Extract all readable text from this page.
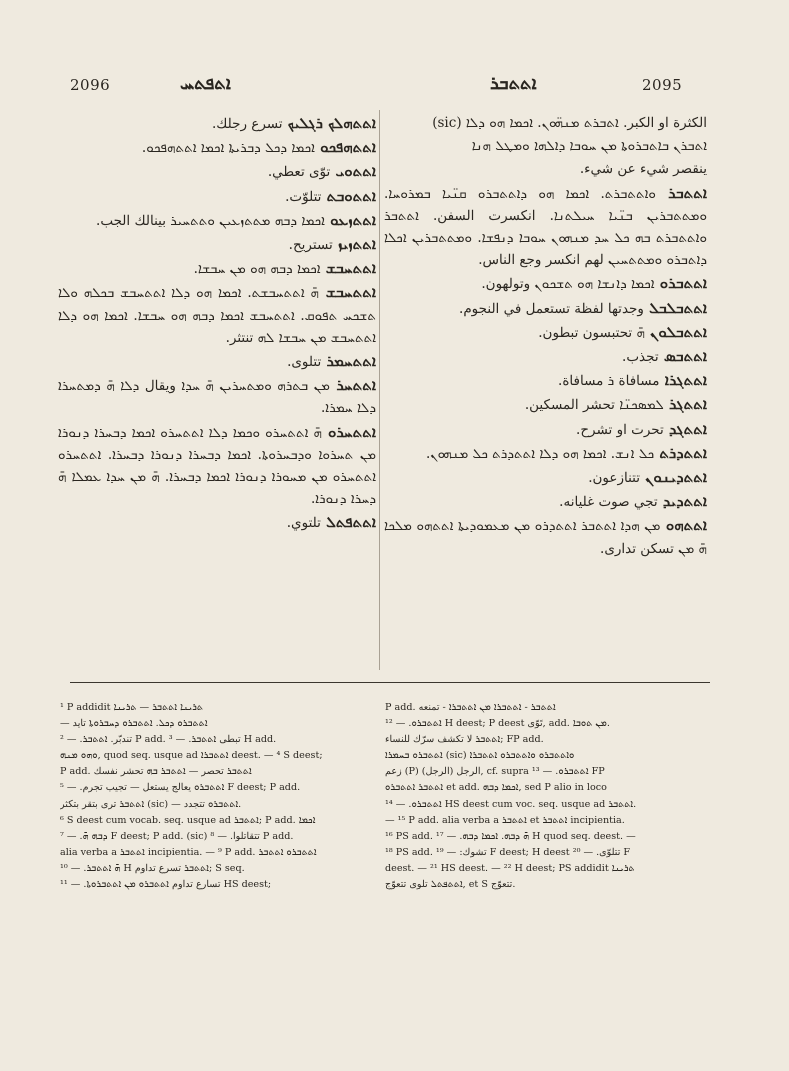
2096	ܐܬܦܬܚ	ܐܬܬܒܪ	2095
الكثرة او الكبر. ܐܬܒܪܬ ܡܢܗ̈ܘܢ. ܐܟܡܐ ܗܘ ܕܠܐ (sic)
ܐܬܒܪܢ ܒܐܬܒܪܘܬܐ ܡܢ ܚܘܒܐ ܕܐܠܗܐ ܘܡܛܠ ܗܢܐ
ينقصر شيء عن شيء.
ܐܬܬܒܪ ܘܐܬܬܒܪܬ. ܐܟܡܐ ܗܘ ܕܐܬܬܒܪܘ ܩܢ̈ܝܐ ܒܡܪܘܚܐ. ܘܡܬܬܒܪܝܢ ܒܢ̈ܝܐ ܚܝܠܬܢܐ. انكسرت السفن. ܐܬܬܒܪ ܘܐܬܬܒܪܬ ܒܗ ܟܠ ܚܕ ܡܢܗܘܢ ܚܘܒܐ ܕܢܦܫܐ. ܘܡܬܬܒܪܝܢ ܐܟܠܐ ܕܐܬܒܪܘ ܘܡܬܬܚܝܢ لهم انكسر وجع الناس.
ܐܬܬܒܪܘ ܐܟܡܐ ܕܐܢܫܐ ܗܘ ܬܫܟܘܢ وتولهون.
ܐܬܬܒܠܒܠ وجدتها لفظة تستعمل في النجوم.
ܐܬܬܒܠܘܢ ܗ̄ تحتبسون تبطون.
ܐܬܬܒܣ تجذب.
ܐܬܬܓܪܐ مسافاة ܪ مسافاة.
ܐܬܬܓܪ ܠܡܣܟܢ̈ܐ تحشر المسكين.
ܐܬܬܓܕ تحرت او تشرح.
ܐܬܬܕܪܬ ܟܠ ܐܢܫ. ܐܟܡܐ ܗܘ ܕܠܐ ܐܬܬܕܪܬ ܟܠ ܡܢܗܘܢ.
ܐܬܬܕܝܢܘܢ تتنازعون.
ܐܬܬܕܝܕ تجي صوت غليانه.
ܐܬܬܗܘ ܡܢ ܗܕܐ ܐܬܬܒܪ ܐܬܬܕܪܘ ܡܢ ܡܥܡܘܕܝܬܐ ܐܬܬܗܘ ܡܠܟܐ ܗ̄ ܡܢ تسكن تدارى.
ܐܬܬܗܠܟ ܪܓܠܝܟ تسرع رجلك.
ܐܬܬܗܦܟܘ ܐܟܡܐ ܕܟܠ ܕܒܪܝܬܐ ܐܟܡܐ ܐܬܬܗܦܟܘ.
ܐܬܬܘܝ توّى تعطي.
ܐܬܬܘܒܬ تتلوّت.
ܐܬܬܙܥܘ ܐܟܡܐ ܕܒܗ ܡܬܬܙܥܝܢ ܘܬܬܚܝܪ بينالك الجب.
ܐܬܬܙܝܙ تستريح.
ܐܬܬܚܒܫ ܐܟܡܐ ܕܒܗ ܗܘ ܡܢ ܚܒܫܐ.
ܐܬܬܚܒܫ ܗ̄ ܐܬܬܚܒܫܬ. ܐܟܡܐ ܗܘ ܕܠܐ ܐܬܬܚܒܫ ܒܟܠܗ ܘܠܐ ܬܫܟܚ ܬܦܘܩ. ܐܬܬܚܒܫ ܐܟܡܐ ܕܒܗ ܗܘ ܚܒܫܐ. ܐܟܡܐ ܗܘ ܕܠܐ ܐܬܬܚܒܫ ܡܢ ܚܒܫܐ ܠܗ تنتثر.
ܐܬܬܚܡܪ تتلوى.
ܐܬܬܚܪ ܡܢ ܒܬܪܗ ܘܡܬܚܪܝܢ ܗ̄ ܚܕܐ ويقال ܕܠܐ ܗ̄ ܕܡܬܚܪܐ ܕܠܐ ܚܡܪܐ.
ܐܬܬܚܪܘ ܗ̄ ܐܬܬܚܪܘ ܘܟܡܐ ܕܠܐ ܐܬܬܚܪܘ ܐܟܡܐ ܕܒܚܪܐ ܕܢܘܪܐ ܡܢ ܬܚܪܘܐ ܘܕܒܚܪܘܬܐ. ܐܟܡܐ ܕܒܚܪܐ ܕܢܘܪܐ ܕܒܚܪܐ. ܐܬܬܚܪܘ ܐܬܬܚܪܘ ܡܢ ܡܚܘܪܐ ܕܢܘܪܐ ܐܟܡܐ ܕܒܚܪܐ. ܗ̄ ܡܢ ܚܕܐ ܥܡܠܐ ܗ̄ ܕܚܪܐ ܕܢܘܪܐ.
ܐܬܬܦܬܠ تلتوي.
¹ P addidit ܬܪܝܢܐ ܐܬܬܒܪ — ܬܪܝܢܐ
— ܐܬܬܒܪܘ ܕܟܠ. ܐܬܬܒܪܘ ܕܚܒܪܘܬܐ تايد
تندبّر. ܐܬܬܒܪ. — ² P add. تبطى ܐܬܬܒܪ. — ³ H add.
ܘܗܘ ܡܢܗ, quod seq. usque ad ܐܬܬܒܪܐ deest. — ⁴ S deest;
P add. ܐܬܬܒܪ تحصر — ܐܬܬܒܪ ܒܗ تحشر نفسك
ܐܬܬܒܪܘ يعالج يستعل — تجيب تجرم. — ⁵ F deest; P add.
ܐܬܬܒܪ ترى بتقر بتكثر (sic) — ܐܬܬܒܪܘ تتجدد.
⁶ S deest cum vocab. seq. usque ad ܐܬܬܒܪ; P add. ܐܟܡܐ
ܕܒܗ ܗ̄. — ⁷ F deest; P add. (sic) تتقاتلوا. — ⁸ P add.
alia verba a ܐܬܬܒܪ incipientia. — ⁹ P add. ܐܬܬܒܪܘ ܐܬܬܒܪ
ܗ̄ ܐܬܬܒܪ. — ¹⁰ H ܐܬܬܒܪ تسرع تداوم; S seq.
تسارع تداوم ܐܬܬܒܪܘ ܡܢ ܐܬܬܒܪܘܬܐ. — ¹¹ HS deest;
P add. ܐܬܬܒܪ - ܐܬܬܒܪܐ ܡܢ ܐܬܬܒܪܐ - تمنعه
ܐܬܬܒܪܘ. — ¹² H deest; P deest تَوّى, add. ܡܢ ܬܘܒܐ.
ܐܬܬܒܪ لا تكشف سرّك للنساء; FP add.
ܐܬܬܒܪܘ ܒܚܡܪܐ (sic) ܘܐܬܬܒܪܘ ܘܐܬܬܒܪܘ ܐܬܬܒܪܐ
زعم (P) (الرجل) الرجل, cf. supra ܐܬܬܒܪܘ. — ¹³ FP
ܐܬܬܒܪ ܐܬܬܒܪܘ et add. ܐܟܡܐ ܕܒܗ, sed P alio in loco
ܐܬܬܒܪܘ. — ¹⁴ HS deest cum voc. seq. usque ad ܐܬܬܒܪ.
— ¹⁵ P add. alia verba a ܐܬܬܒܪ et ܐܬܬܒܪ incipientia.
¹⁶ PS add. ܗ̄ ܕܒܗ. ܐܟܡܐ ܕܒܗ. — ¹⁷ H quod seq. deest. —
¹⁸ PS add. تشوك: — ¹⁹ F deest; H deest تتلوّى. — ²⁰ F
deest. — ²¹ HS deest. — ²² H deest; PS addidit ܬܪܝܢܐ
ܐܬܬܦܬܠ تلوى تتعوّج, et S تتعوّج.
